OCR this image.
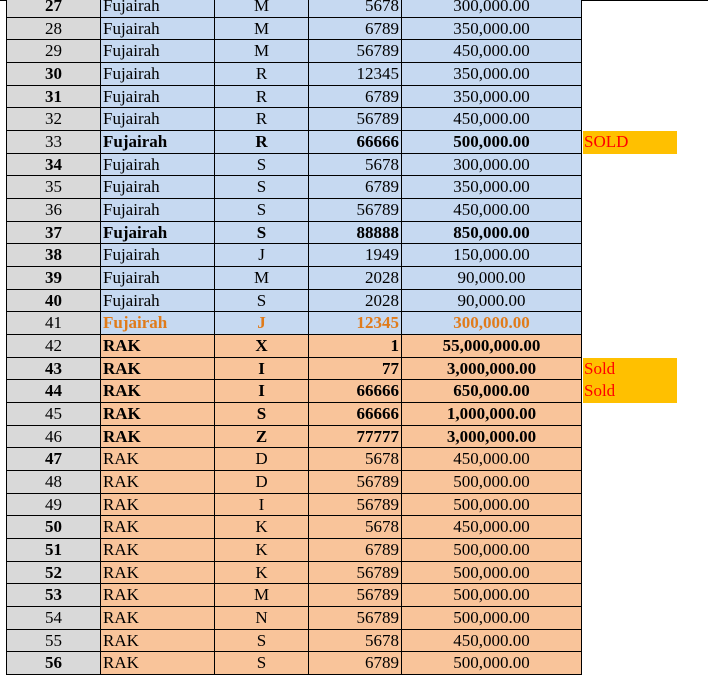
27	Fujairah	M	5678	300,000.00
28	Fujairah	M	6789	350,000.00
29	Fujairah	M	56789	450,000.00
30	Fujairah	R	12345	350,000.00
31	Fujairah	R	6789	350,000.00
32	Fujairah	R	56789	450,000.00
33	Fujairah	R	66666	500,000.00	SOLD
34	Fujairah	S	5678	300,000.00
35	Fujairah	S	6789	350,000.00
36	Fujairah	S	56789	450,000.00
37	Fujairah	S	88888	850,000.00
38	Fujairah	J	1949	150,000.00
39	Fujairah	M	2028	90,000.00
40	Fujairah	S	2028	90,000.00
41	Fujairah	J	12345	300,000.00
42	RAK	X	1	55,000,000.00
43	RAK	I	77	3,000,000.00	Sold
44	RAK	I	66666	650,000.00	Sold
45	RAK	S	66666	1,000,000.00
46	RAK	Z	77777	3,000,000.00
47	RAK	D	5678	450,000.00
48	RAK	D	56789	500,000.00
49	RAK	I	56789	500,000.00
50	RAK	K	5678	450,000.00
51	RAK	K	6789	500,000.00
52	RAK	K	56789	500,000.00
53	RAK	M	56789	500,000.00
54	RAK	N	56789	500,000.00
55	RAK	S	5678	450,000.00
56	RAK	S	6789	500,000.00
